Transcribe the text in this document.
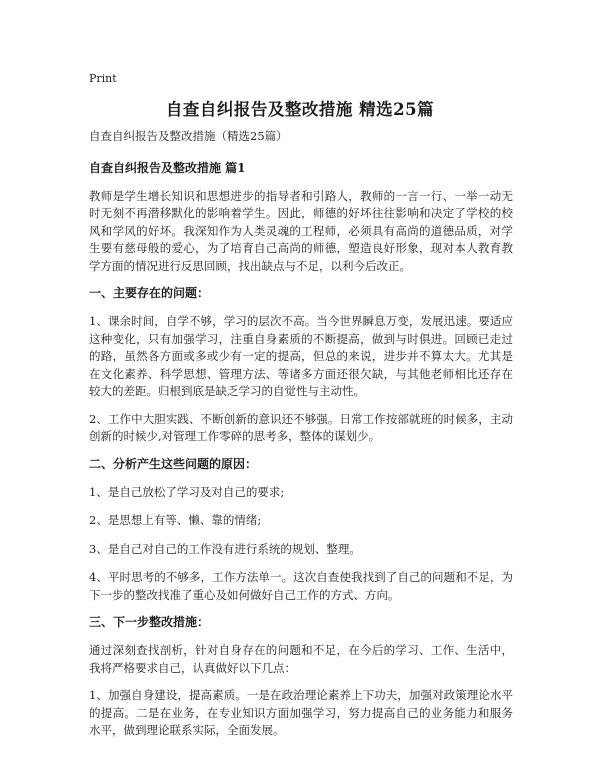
Print
自查自纠报告及整改措施 精选25篇
自查自纠报告及整改措施（精选25篇）
自查自纠报告及整改措施 篇1
教师是学生增长知识和思想进步的指导者和引路人，教师的一言一行、一举一动无时无刻不再潜移默化的影响着学生。因此，师德的好坏往往影响和决定了学校的校风和学风的好坏。我深知作为人类灵魂的工程师，必须具有高尚的道德品质，对学生要有慈母般的爱心，为了培育自己高尚的师德，塑造良好形象，现对本人教育教学方面的情况进行反思回顾，找出缺点与不足，以利今后改正。
一、主要存在的问题：
1、课余时间，自学不够，学习的层次不高。当今世界瞬息万变，发展迅速。要适应这种变化，只有加强学习，注重自身素质的不断提高，做到与时俱进。回顾已走过的路，虽然各方面或多或少有一定的提高，但总的来说，进步并不算太大。尤其是在文化素养、科学思想、管理方法、等诸多方面还很欠缺，与其他老师相比还存在较大的差距。归根到底是缺乏学习的自觉性与主动性。
2、工作中大胆实践、不断创新的意识还不够强。日常工作按部就班的时候多，主动创新的时候少,对管理工作零碎的思考多，整体的谋划少。
二、分析产生这些问题的原因：
1、是自己放松了学习及对自己的要求;
2、是思想上有等、懒、靠的情绪;
3、是自己对自己的工作没有进行系统的规划、整理。
4、平时思考的不够多，工作方法单一。这次自查使我找到了自己的问题和不足，为下一步的整改找准了重心及如何做好自己工作的方式、方向。
三、下一步整改措施：
通过深刻查找剖析，针对自身存在的问题和不足，在今后的学习、工作、生活中，我将严格要求自己，认真做好以下几点：
1、加强自身建设，提高素质。一是在政治理论素养上下功夫，加强对政策理论水平的提高。二是在业务，在专业知识方面加强学习，努力提高自己的业务能力和服务水平，做到理论联系实际，全面发展。
